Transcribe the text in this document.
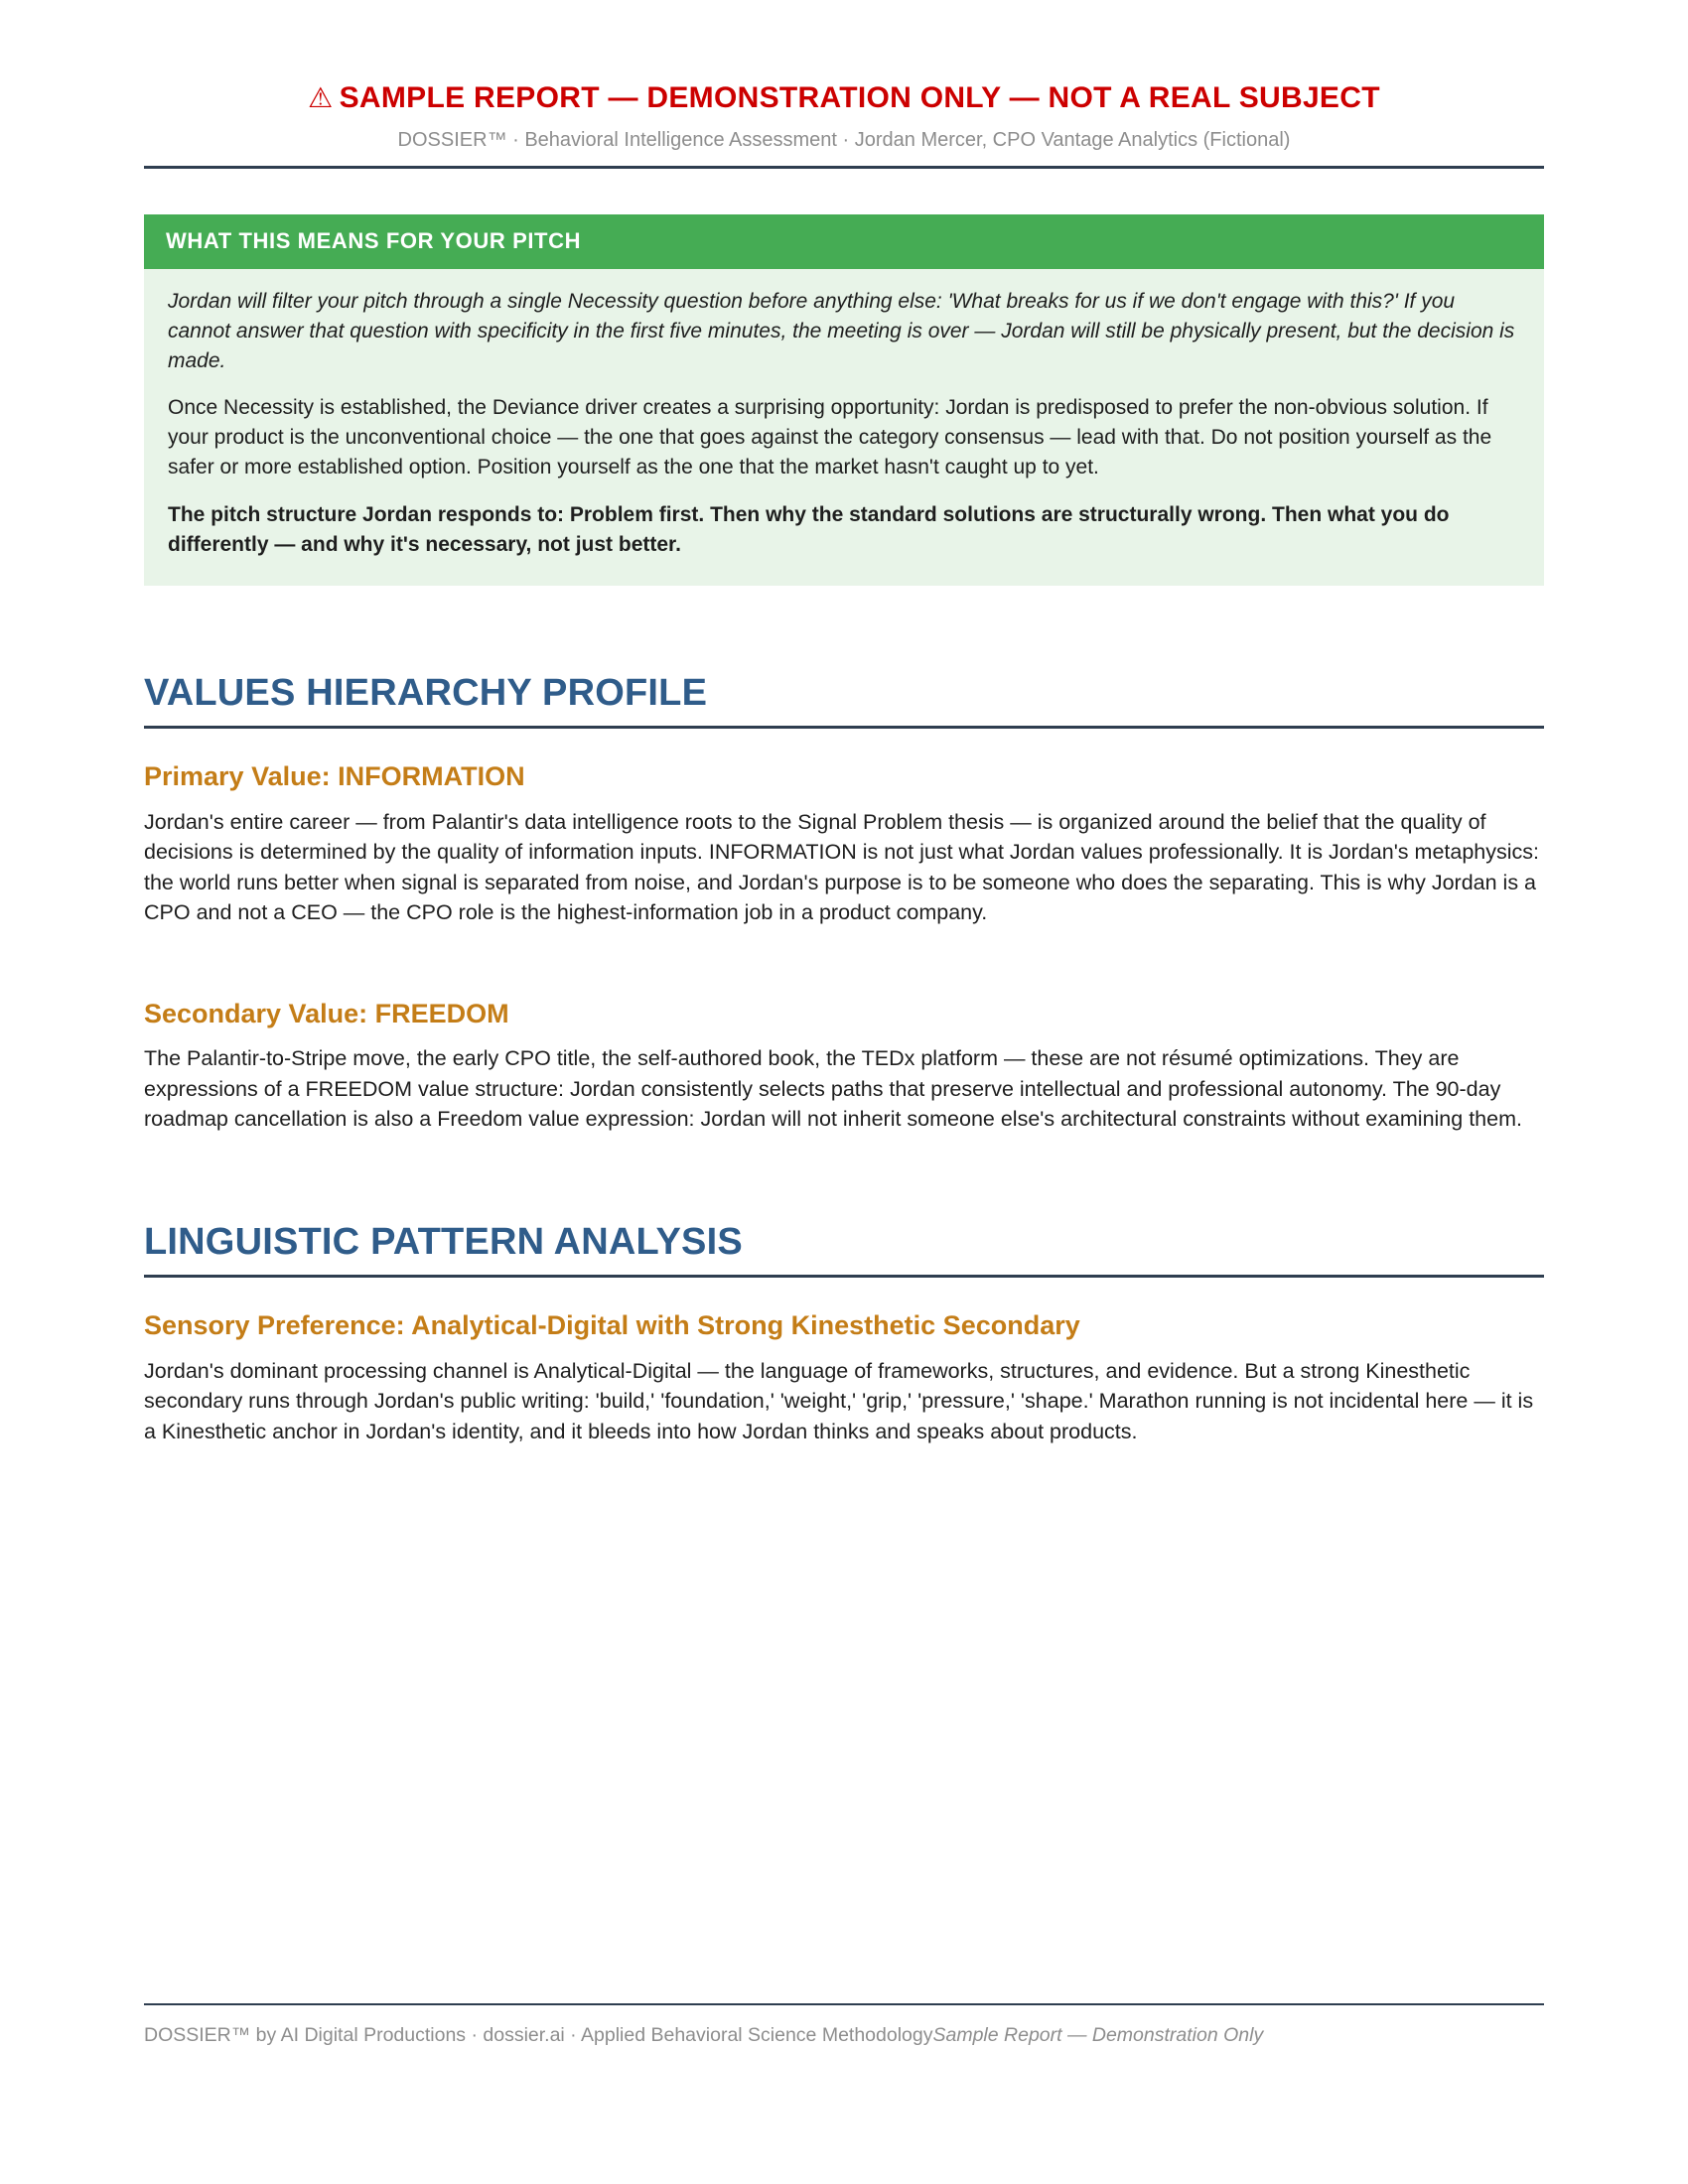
⚠ SAMPLE REPORT — DEMONSTRATION ONLY — NOT A REAL SUBJECT
DOSSIER™ · Behavioral Intelligence Assessment · Jordan Mercer, CPO Vantage Analytics (Fictional)
WHAT THIS MEANS FOR YOUR PITCH

Jordan will filter your pitch through a single Necessity question before anything else: 'What breaks for us if we don't engage with this?' If you cannot answer that question with specificity in the first five minutes, the meeting is over — Jordan will still be physically present, but the decision is made.

Once Necessity is established, the Deviance driver creates a surprising opportunity: Jordan is predisposed to prefer the non-obvious solution. If your product is the unconventional choice — the one that goes against the category consensus — lead with that. Do not position yourself as the safer or more established option. Position yourself as the one that the market hasn't caught up to yet.

The pitch structure Jordan responds to: Problem first. Then why the standard solutions are structurally wrong. Then what you do differently — and why it's necessary, not just better.

VALUES HIERARCHY PROFILE
Primary Value: INFORMATION

Jordan's entire career — from Palantir's data intelligence roots to the Signal Problem thesis — is organized around the belief that the quality of decisions is determined by the quality of information inputs. INFORMATION is not just what Jordan values professionally. It is Jordan's metaphysics: the world runs better when signal is separated from noise, and Jordan's purpose is to be someone who does the separating. This is why Jordan is a CPO and not a CEO — the CPO role is the highest-information job in a product company.

Secondary Value: FREEDOM

The Palantir-to-Stripe move, the early CPO title, the self-authored book, the TEDx platform — these are not résumé optimizations. They are expressions of a FREEDOM value structure: Jordan consistently selects paths that preserve intellectual and professional autonomy. The 90-day roadmap cancellation is also a Freedom value expression: Jordan will not inherit someone else's architectural constraints without examining them.

LINGUISTIC PATTERN ANALYSIS
Sensory Preference: Analytical-Digital with Strong Kinesthetic Secondary

Jordan's dominant processing channel is Analytical-Digital — the language of frameworks, structures, and evidence. But a strong Kinesthetic secondary runs through Jordan's public writing: 'build,' 'foundation,' 'weight,' 'grip,' 'pressure,' 'shape.' Marathon running is not incidental here — it is a Kinesthetic anchor in Jordan's identity, and it bleeds into how Jordan thinks and speaks about products.

DOSSIER™ by AI Digital Productions · dossier.ai · Applied Behavioral Science MethodologySample Report — Demonstration Only
